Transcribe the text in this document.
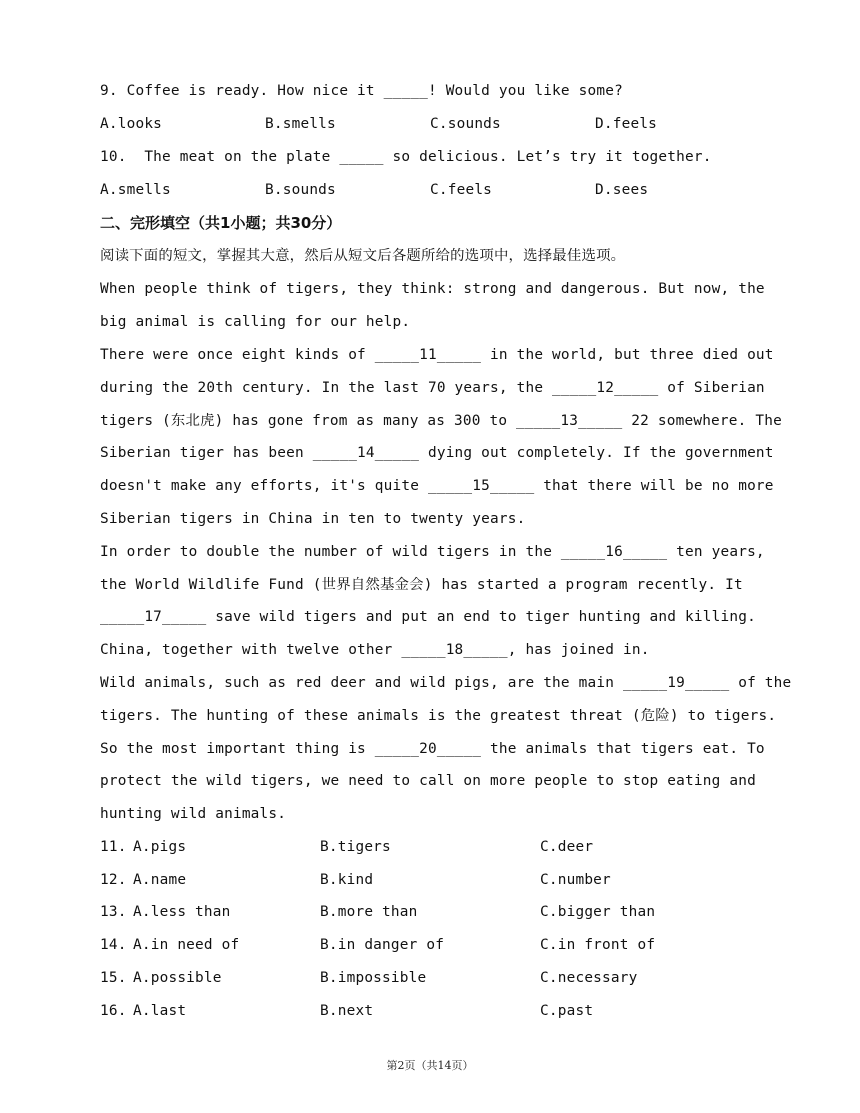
9. Coffee is ready. How nice it _____! Would you like some?
A.looks	B.smells	C.sounds	D.feels
10.  The meat on the plate _____ so delicious. Let’s try it together.
A.smells	B.sounds	C.feels	D.sees
二、完形填空（共1小题；共30分）
阅读下面的短文，掌握其大意，然后从短文后各题所给的选项中，选择最佳选项。
When people think of tigers, they think: strong and dangerous. But now, the
big animal is calling for our help.
There were once eight kinds of _____11_____ in the world, but three died out
during the 20th century. In the last 70 years, the _____12_____ of Siberian
tigers (东北虎) has gone from as many as 300 to _____13_____ 22 somewhere. The
Siberian tiger has been _____14_____ dying out completely. If the government
doesn't make any efforts, it's quite _____15_____ that there will be no more
Siberian tigers in China in ten to twenty years.
In order to double the number of wild tigers in the _____16_____ ten years,
the World Wildlife Fund (世界自然基金会) has started a program recently. It
_____17_____ save wild tigers and put an end to tiger hunting and killing.
China, together with twelve other _____18_____, has joined in.
Wild animals, such as red deer and wild pigs, are the main _____19_____ of the
tigers. The hunting of these animals is the greatest threat (危险) to tigers.
So the most important thing is _____20_____ the animals that tigers eat. To
protect the wild tigers, we need to call on more people to stop eating and
hunting wild animals.
11. A.pigs	B.tigers	C.deer
12. A.name	B.kind	C.number
13. A.less than	B.more than	C.bigger than
14. A.in need of	B.in danger of	C.in front of
15. A.possible	B.impossible	C.necessary
16. A.last	B.next	C.past
第2页（共14页）
